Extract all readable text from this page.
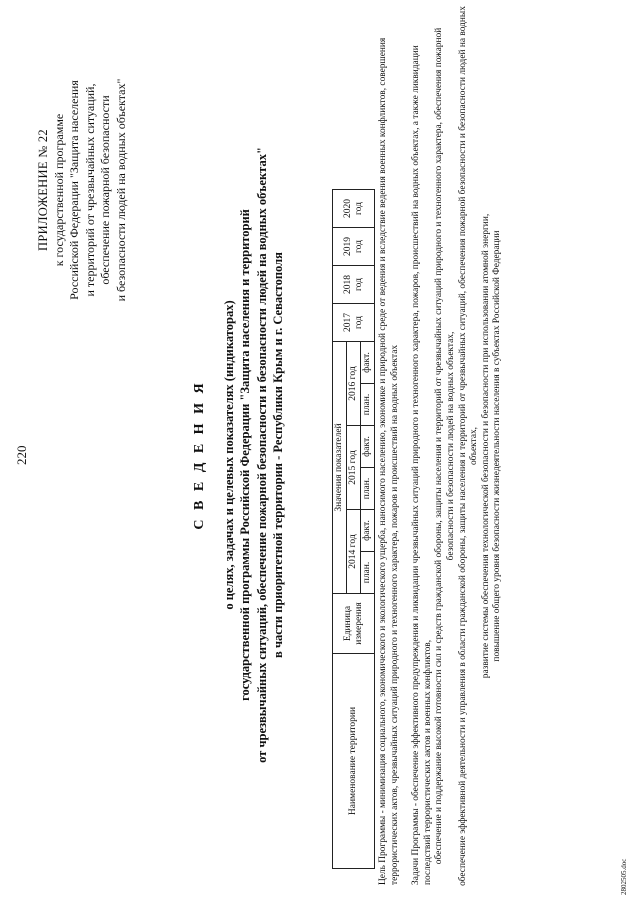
220
ПРИЛОЖЕНИЕ № 22 к государственной программе Российской Федерации "Защита населения и территорий от чрезвычайных ситуаций, обеспечение пожарной безопасности и безопасности людей на водных объектах"
С В Е Д Е Н И Я о целях, задачах и целевых показателях (индикаторах) государственной программы Российской Федерации "Защита населения и территорий от чрезвычайных ситуаций, обеспечение пожарной безопасности и безопасности людей на водных объектах" в части приоритетной территории - Республики Крым и г. Севастополя
Наименование территории	Единица измерения	Значения показателей						2017 год	2018 год	2019 год	2020 год	
		2014 год		2015 год		2016 год						
		план.	факт.	план.	факт.	план.	факт.					Цель Программы - минимизация социального, экономического и экологического ущерба, наносимого населению, экономике и природной среде от ведения и вследствие ведения военных конфликтов, совершения террористических актов, чрезвычайных ситуаций природного и техногенного характера, пожаров и происшествий на водных объектах Задачи Программы - обеспечение эффективного предупреждения и ликвидации чрезвычайных ситуаций природного и техногенного характера, пожаров, происшествий на водных объектах, а также ликвидации последствий террористических актов и военных конфликтов, обеспечение и поддержание высокой готовности сил и средств гражданской обороны, защиты населения и территорий от чрезвычайных ситуаций природного и техногенного характера, обеспечения пожарной безопасности и безопасности людей на водных объектах, обеспечение эффективной деятельности и управления в области гражданской обороны, защиты населения и территорий от чрезвычайных ситуаций, обеспечения пожарной безопасности и безопасности людей на водных объектах, развитие системы обеспечения технологической безопасности и безопасности при использовании атомной энергии, повышение общего уровня безопасности жизнедеятельности населения в субъектах Российской Федерации

2802505.doc
